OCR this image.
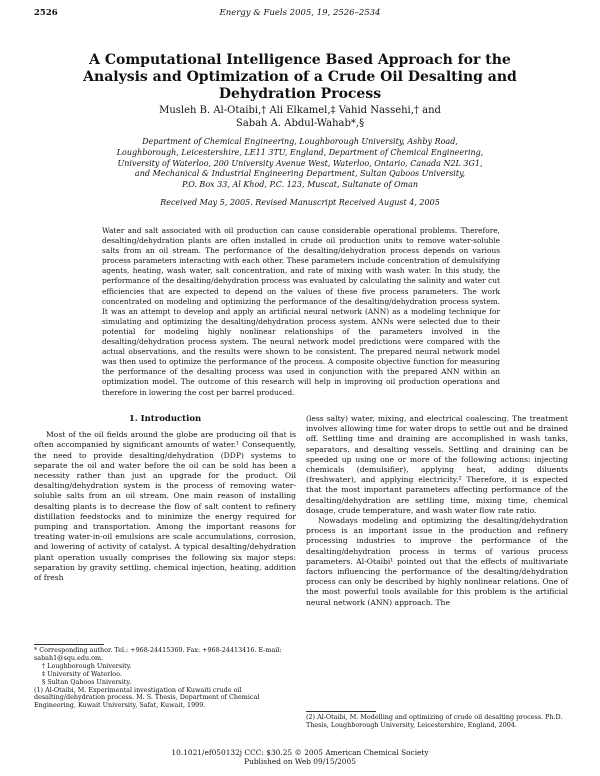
2526	Energy & Fuels 2005, 19, 2526–2534
A Computational Intelligence Based Approach for the Analysis and Optimization of a Crude Oil Desalting and Dehydration Process
Musleh B. Al-Otaibi,† Ali Elkamel,‡ Vahid Nassehi,† and
Sabah A. Abdul-Wahab*,§
Department of Chemical Engineering, Loughborough University, Ashby Road,
Loughborough, Leicestershire, LE11 3TU, England, Department of Chemical Engineering,
University of Waterloo, 200 University Avenue West, Waterloo, Ontario, Canada N2L 3G1,
and Mechanical & Industrial Engineering Department, Sultan Qaboos University,
P.O. Box 33, Al Khod, P.C. 123, Muscat, Sultanate of Oman
Received May 5, 2005. Revised Manuscript Received August 4, 2005
Water and salt associated with oil production can cause considerable operational problems. Therefore, desalting/dehydration plants are often installed in crude oil production units to remove water-soluble salts from an oil stream. The performance of the desalting/dehydration process depends on various process parameters interacting with each other. These parameters include concentration of demulsifying agents, heating, wash water, salt concentration, and rate of mixing with wash water. In this study, the performance of the desalting/dehydration process was evaluated by calculating the salinity and water cut efficiencies that are expected to depend on the values of these five process parameters. The work concentrated on modeling and optimizing the performance of the desalting/dehydration process system. It was an attempt to develop and apply an artificial neural network (ANN) as a modeling technique for simulating and optimizing the desalting/dehydration process system. ANNs were selected due to their potential for modeling highly nonlinear relationships of the parameters involved in the desalting/dehydration process system. The neural network model predictions were compared with the actual observations, and the results were shown to be consistent. The prepared neural network model was then used to optimize the performance of the process. A composite objective function for measuring the performance of the desalting process was used in conjunction with the prepared ANN within an optimization model. The outcome of this research will help in improving oil production operations and therefore in lowering the cost per barrel produced.
1. Introduction

Most of the oil fields around the globe are producing oil that is often accompanied by significant amounts of water.¹ Consequently, the need to provide desalting/dehydration (DDP) systems to separate the oil and water before the oil can be sold has been a necessity rather than just an upgrade for the product. Oil desalting/dehydration system is the process of removing water-soluble salts from an oil stream. One main reason of installing desalting plants is to decrease the flow of salt content to refinery distillation feedstocks and to minimize the energy required for pumping and transportation. Among the important reasons for treating water-in-oil emulsions are scale accumulations, corrosion, and lowering of activity of catalyst. A typical desalting/dehydration plant operation usually comprises the following six major steps: separation by gravity settling, chemical injection, heating, addition of fresh

(less salty) water, mixing, and electrical coalescing. The treatment involves allowing time for water drops to settle out and be drained off. Settling time and draining are accomplished in wash tanks, separators, and desalting vessels. Settling and draining can be speeded up using one or more of the following actions: injecting chemicals (demulsifier), applying heat, adding diluents (freshwater), and applying electricity.² Therefore, it is expected that the most important parameters affecting performance of the desalting/dehydration are settling time, mixing time, chemical dosage, crude temperature, and wash water flow rate ratio.

Nowadays modeling and optimizing the desalting/dehydration process is an important issue in the production and refinery processing industries to improve the performance of the desalting/dehydration process in terms of various process parameters. Al-Otaibi¹ pointed out that the effects of multivariate factors influencing the performance of the desalting/dehydration process can only be described by highly nonlinear relations. One of the most powerful tools available for this problem is the artificial neural network (ANN) approach. The

* Corresponding author. Tel.: +968-24415360. Fax: +968-24413416. E-mail: sabah1@squ.edu.om.
† Loughborough University.
‡ University of Waterloo.
§ Sultan Qaboos University.
(1) Al-Otaibi, M. Experimental investigation of Kuwaiti crude oil desalting/dehydration process. M. S. Thesis, Department of Chemical Engineering, Kuwait University, Safat, Kuwait, 1999.
(2) Al-Otaibi, M. Modelling and optimizing of crude oil desalting process. Ph.D. Thesis, Loughborough University, Leicestershire, England, 2004.
10.1021/ef050132j CCC: $30.25 © 2005 American Chemical Society
Published on Web 09/15/2005
